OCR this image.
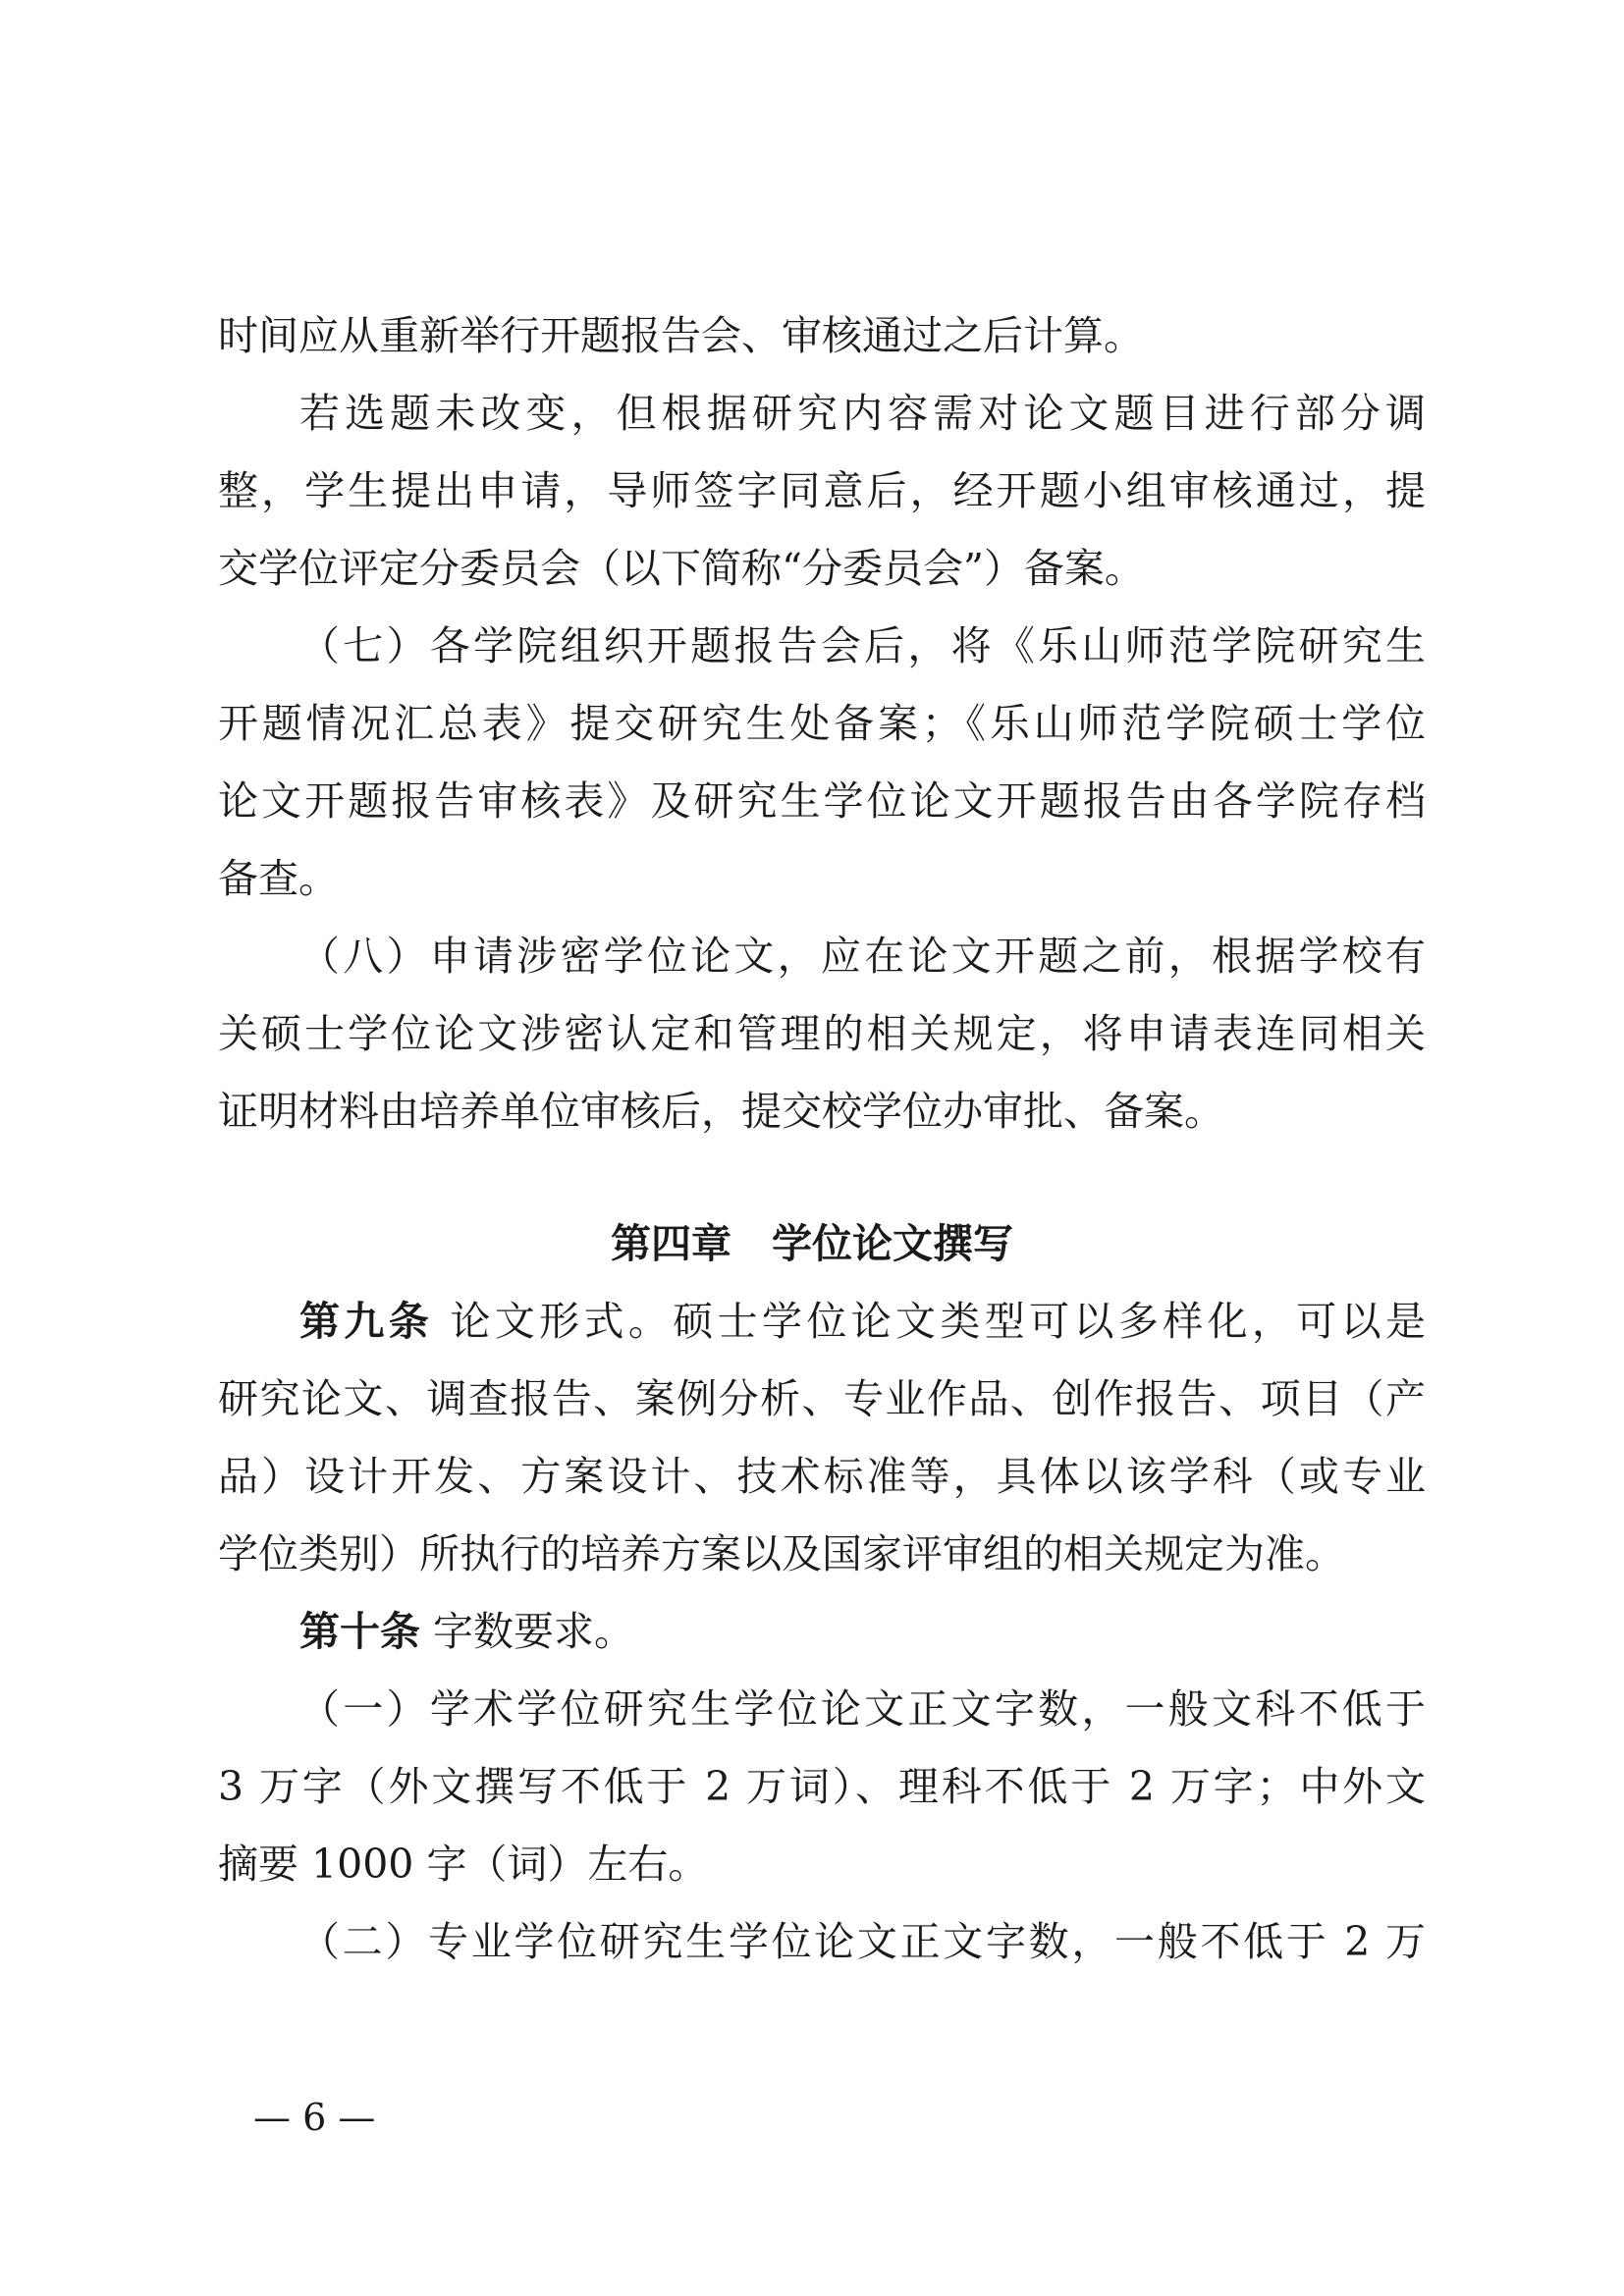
时间应从重新举行开题报告会、审核通过之后计算。
若选题未改变，但根据研究内容需对论文题目进行部分调
整，学生提出申请，导师签字同意后，经开题小组审核通过，提
交学位评定分委员会（以下简称“分委员会”）备案。
（七）各学院组织开题报告会后，将《乐山师范学院研究生
开题情况汇总表》提交研究生处备案；《乐山师范学院硕士学位
论文开题报告审核表》及研究生学位论文开题报告由各学院存档
备查。
（八）申请涉密学位论文，应在论文开题之前，根据学校有
关硕士学位论文涉密认定和管理的相关规定，将申请表连同相关
证明材料由培养单位审核后，提交校学位办审批、备案。
第四章　学位论文撰写
第九条 论文形式。硕士学位论文类型可以多样化，可以是
研究论文、调查报告、案例分析、专业作品、创作报告、项目（产
品）设计开发、方案设计、技术标准等，具体以该学科（或专业
学位类别）所执行的培养方案以及国家评审组的相关规定为准。
第十条 字数要求。
（一）学术学位研究生学位论文正文字数，一般文科不低于
3 万字（外文撰写不低于 2 万词）、理科不低于 2 万字；中外文
摘要 1000 字（词）左右。
（二）专业学位研究生学位论文正文字数，一般不低于 2 万
— 6 —
